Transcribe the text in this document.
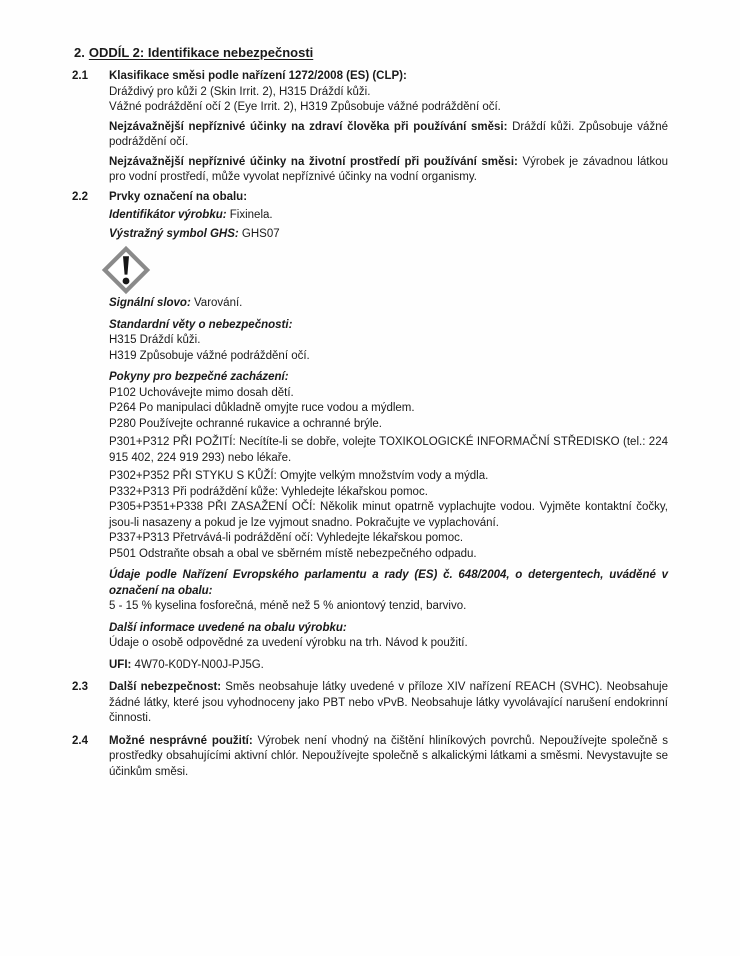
2. ODDÍL 2: Identifikace nebezpečnosti
2.1	Klasifikace směsi podle nařízení 1272/2008 (ES) (CLP):
Dráždivý pro kůži 2 (Skin Irrit. 2), H315 Dráždí kůži.
Vážné podráždění očí 2 (Eye Irrit. 2), H319 Způsobuje vážné podráždění očí.

Nejzávažnější nepříznivé účinky na zdraví člověka při používání směsi: Dráždí kůži. Způsobuje vážné podráždění očí.

Nejzávažnější nepříznivé účinky na životní prostředí při používání směsi: Výrobek je závadnou látkou pro vodní prostředí, může vyvolat nepříznivé účinky na vodní organismy.

2.2	Prvky označení na obalu:

Identifikátor výrobku: Fixinela.

Výstražný symbol GHS: GHS07

Signální slovo: Varování.

Standardní věty o nebezpečnosti:
H315 Dráždí kůži.
H319 Způsobuje vážné podráždění očí.
Pokyny pro bezpečné zacházení:
P102 Uchovávejte mimo dosah dětí.
P264 Po manipulaci důkladně omyjte ruce vodou a mýdlem.
P280 Používejte ochranné rukavice a ochranné brýle.
P301+P312 PŘI POŽITÍ: Necítíte-li se dobře, volejte TOXIKOLOGICKÉ INFORMAČNÍ STŘEDISKO (tel.: 224 915 402, 224 919 293) nebo lékaře.
P302+P352 PŘI STYKU S KŮŽÍ: Omyjte velkým množstvím vody a mýdla.
P332+P313 Při podráždění kůže: Vyhledejte lékařskou pomoc.
P305+P351+P338 PŘI ZASAŽENÍ OČÍ: Několik minut opatrně vyplachujte vodou. Vyjměte kontaktní čočky, jsou-li nasazeny a pokud je lze vyjmout snadno. Pokračujte ve vyplachování.
P337+P313 Přetrvává-li podráždění očí: Vyhledejte lékařskou pomoc.
P501 Odstraňte obsah a obal ve sběrném místě nebezpečného odpadu.
Údaje podle Nařízení Evropského parlamentu a rady (ES) č. 648/2004, o detergentech, uváděné v označení na obalu:
5 - 15 % kyselina fosforečná, méně než 5 % aniontový tenzid, barvivo.
Další informace uvedené na obalu výrobku:
Údaje o osobě odpovědné za uvedení výrobku na trh. Návod k použití.

UFI: 4W70-K0DY-N00J-PJ5G.

2.3	Další nebezpečnost: Směs neobsahuje látky uvedené v příloze XIV nařízení REACH (SVHC). Neobsahuje žádné látky, které jsou vyhodnoceny jako PBT nebo vPvB. Neobsahuje látky vyvolávající narušení endokrinní činnosti.
2.4	Možné nesprávné použití: Výrobek není vhodný na čištění hliníkových povrchů. Nepoužívejte společně s prostředky obsahujícími aktivní chlór. Nepoužívejte společně s alkalickými látkami a směsmi. Nevystavujte se účinkům směsi.
